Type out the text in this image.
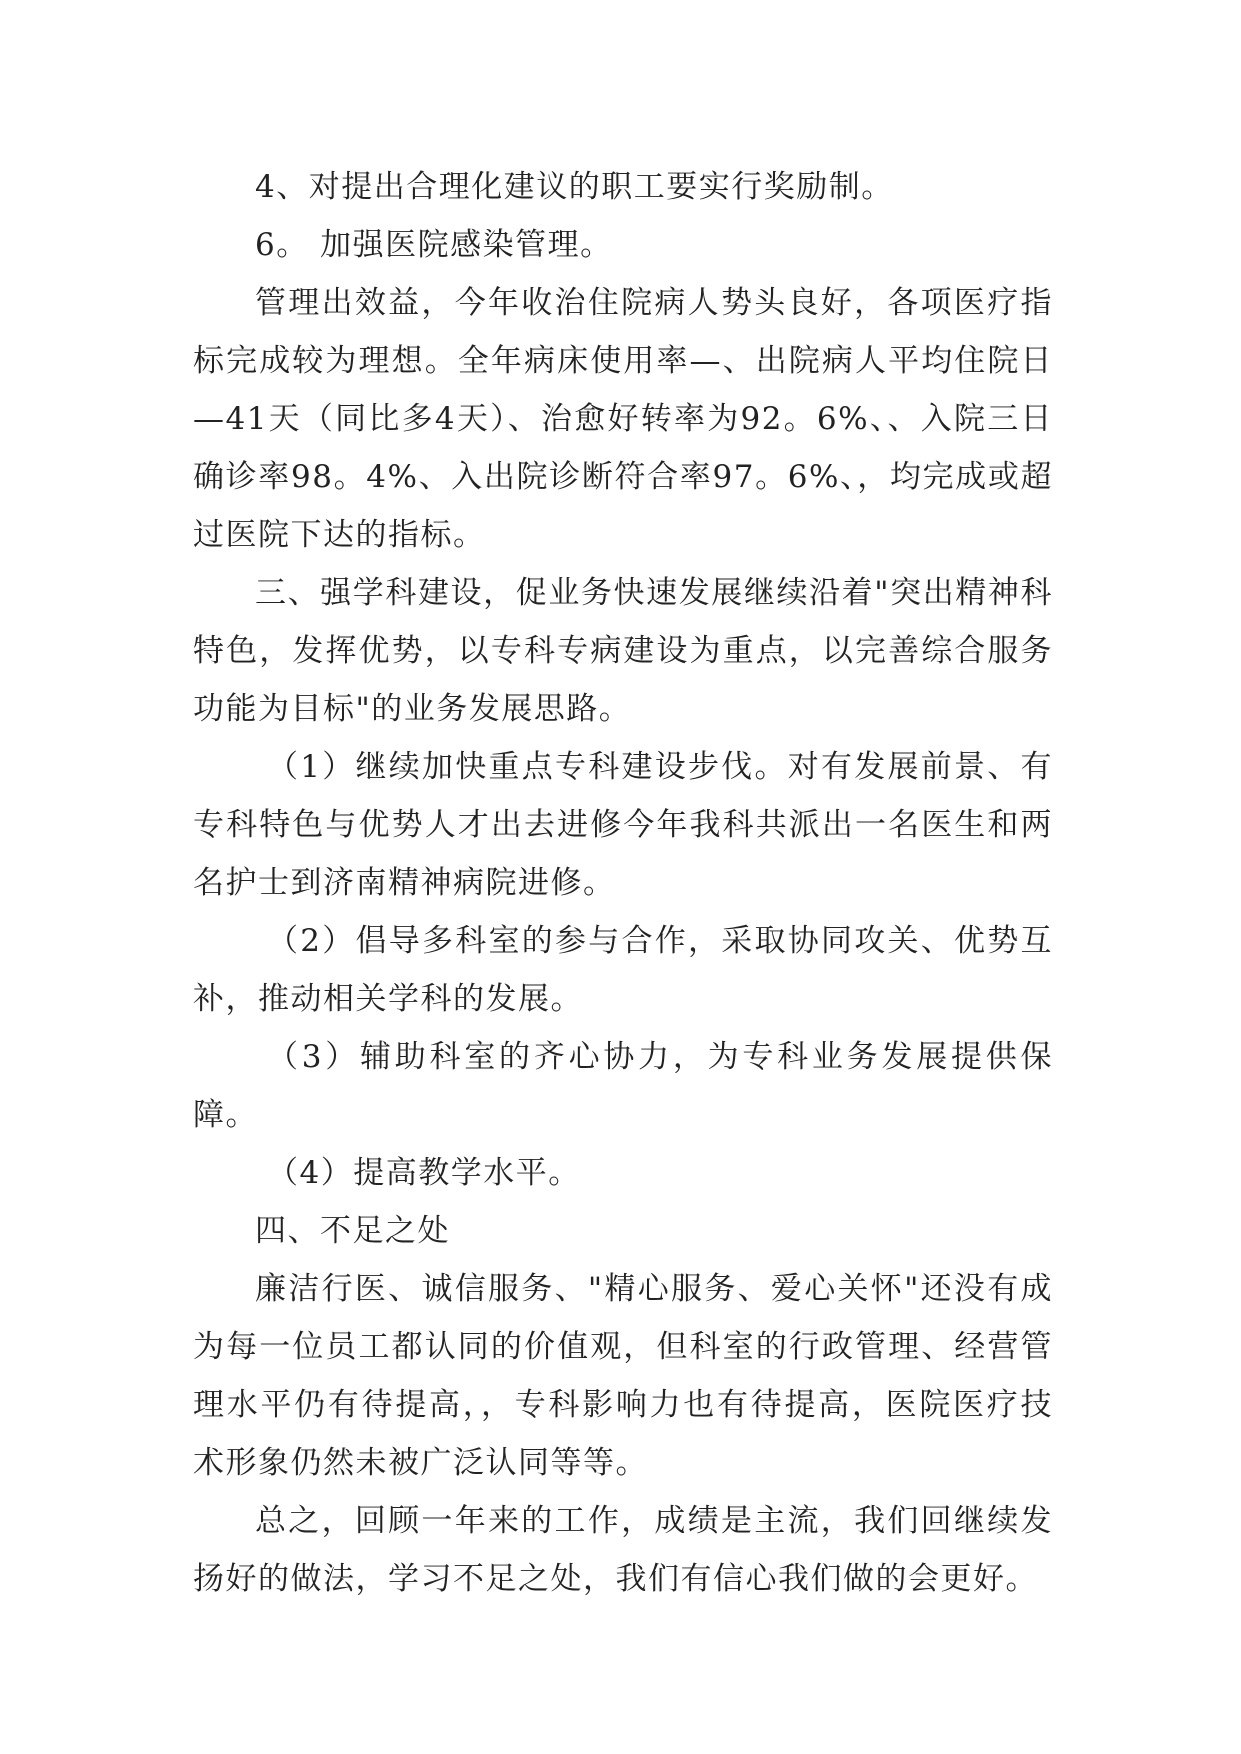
4、对提出合理化建议的职工要实行奖励制。

6。 加强医院感染管理。

管理出效益，今年收治住院病人势头良好，各项医疗指标完成较为理想。全年病床使用率—、出院病人平均住院日—41天（同比多4天）、治愈好转率为92。6%、、入院三日确诊率98。4%、入出院诊断符合率97。6%、，均完成或超过医院下达的指标。

三、强学科建设，促业务快速发展继续沿着"突出精神科特色，发挥优势，以专科专病建设为重点，以完善综合服务功能为目标"的业务发展思路。

（1）继续加快重点专科建设步伐。对有发展前景、有专科特色与优势人才出去进修今年我科共派出一名医生和两名护士到济南精神病院进修。

（2）倡导多科室的参与合作，采取协同攻关、优势互补，推动相关学科的发展。

（3）辅助科室的齐心协力，为专科业务发展提供保障。

（4）提高教学水平。

四、不足之处

廉洁行医、诚信服务、"精心服务、爱心关怀"还没有成为每一位员工都认同的价值观，但科室的行政管理、经营管理水平仍有待提高，，专科影响力也有待提高，医院医疗技术形象仍然未被广泛认同等等。

总之，回顾一年来的工作，成绩是主流，我们回继续发扬好的做法，学习不足之处，我们有信心我们做的会更好。
